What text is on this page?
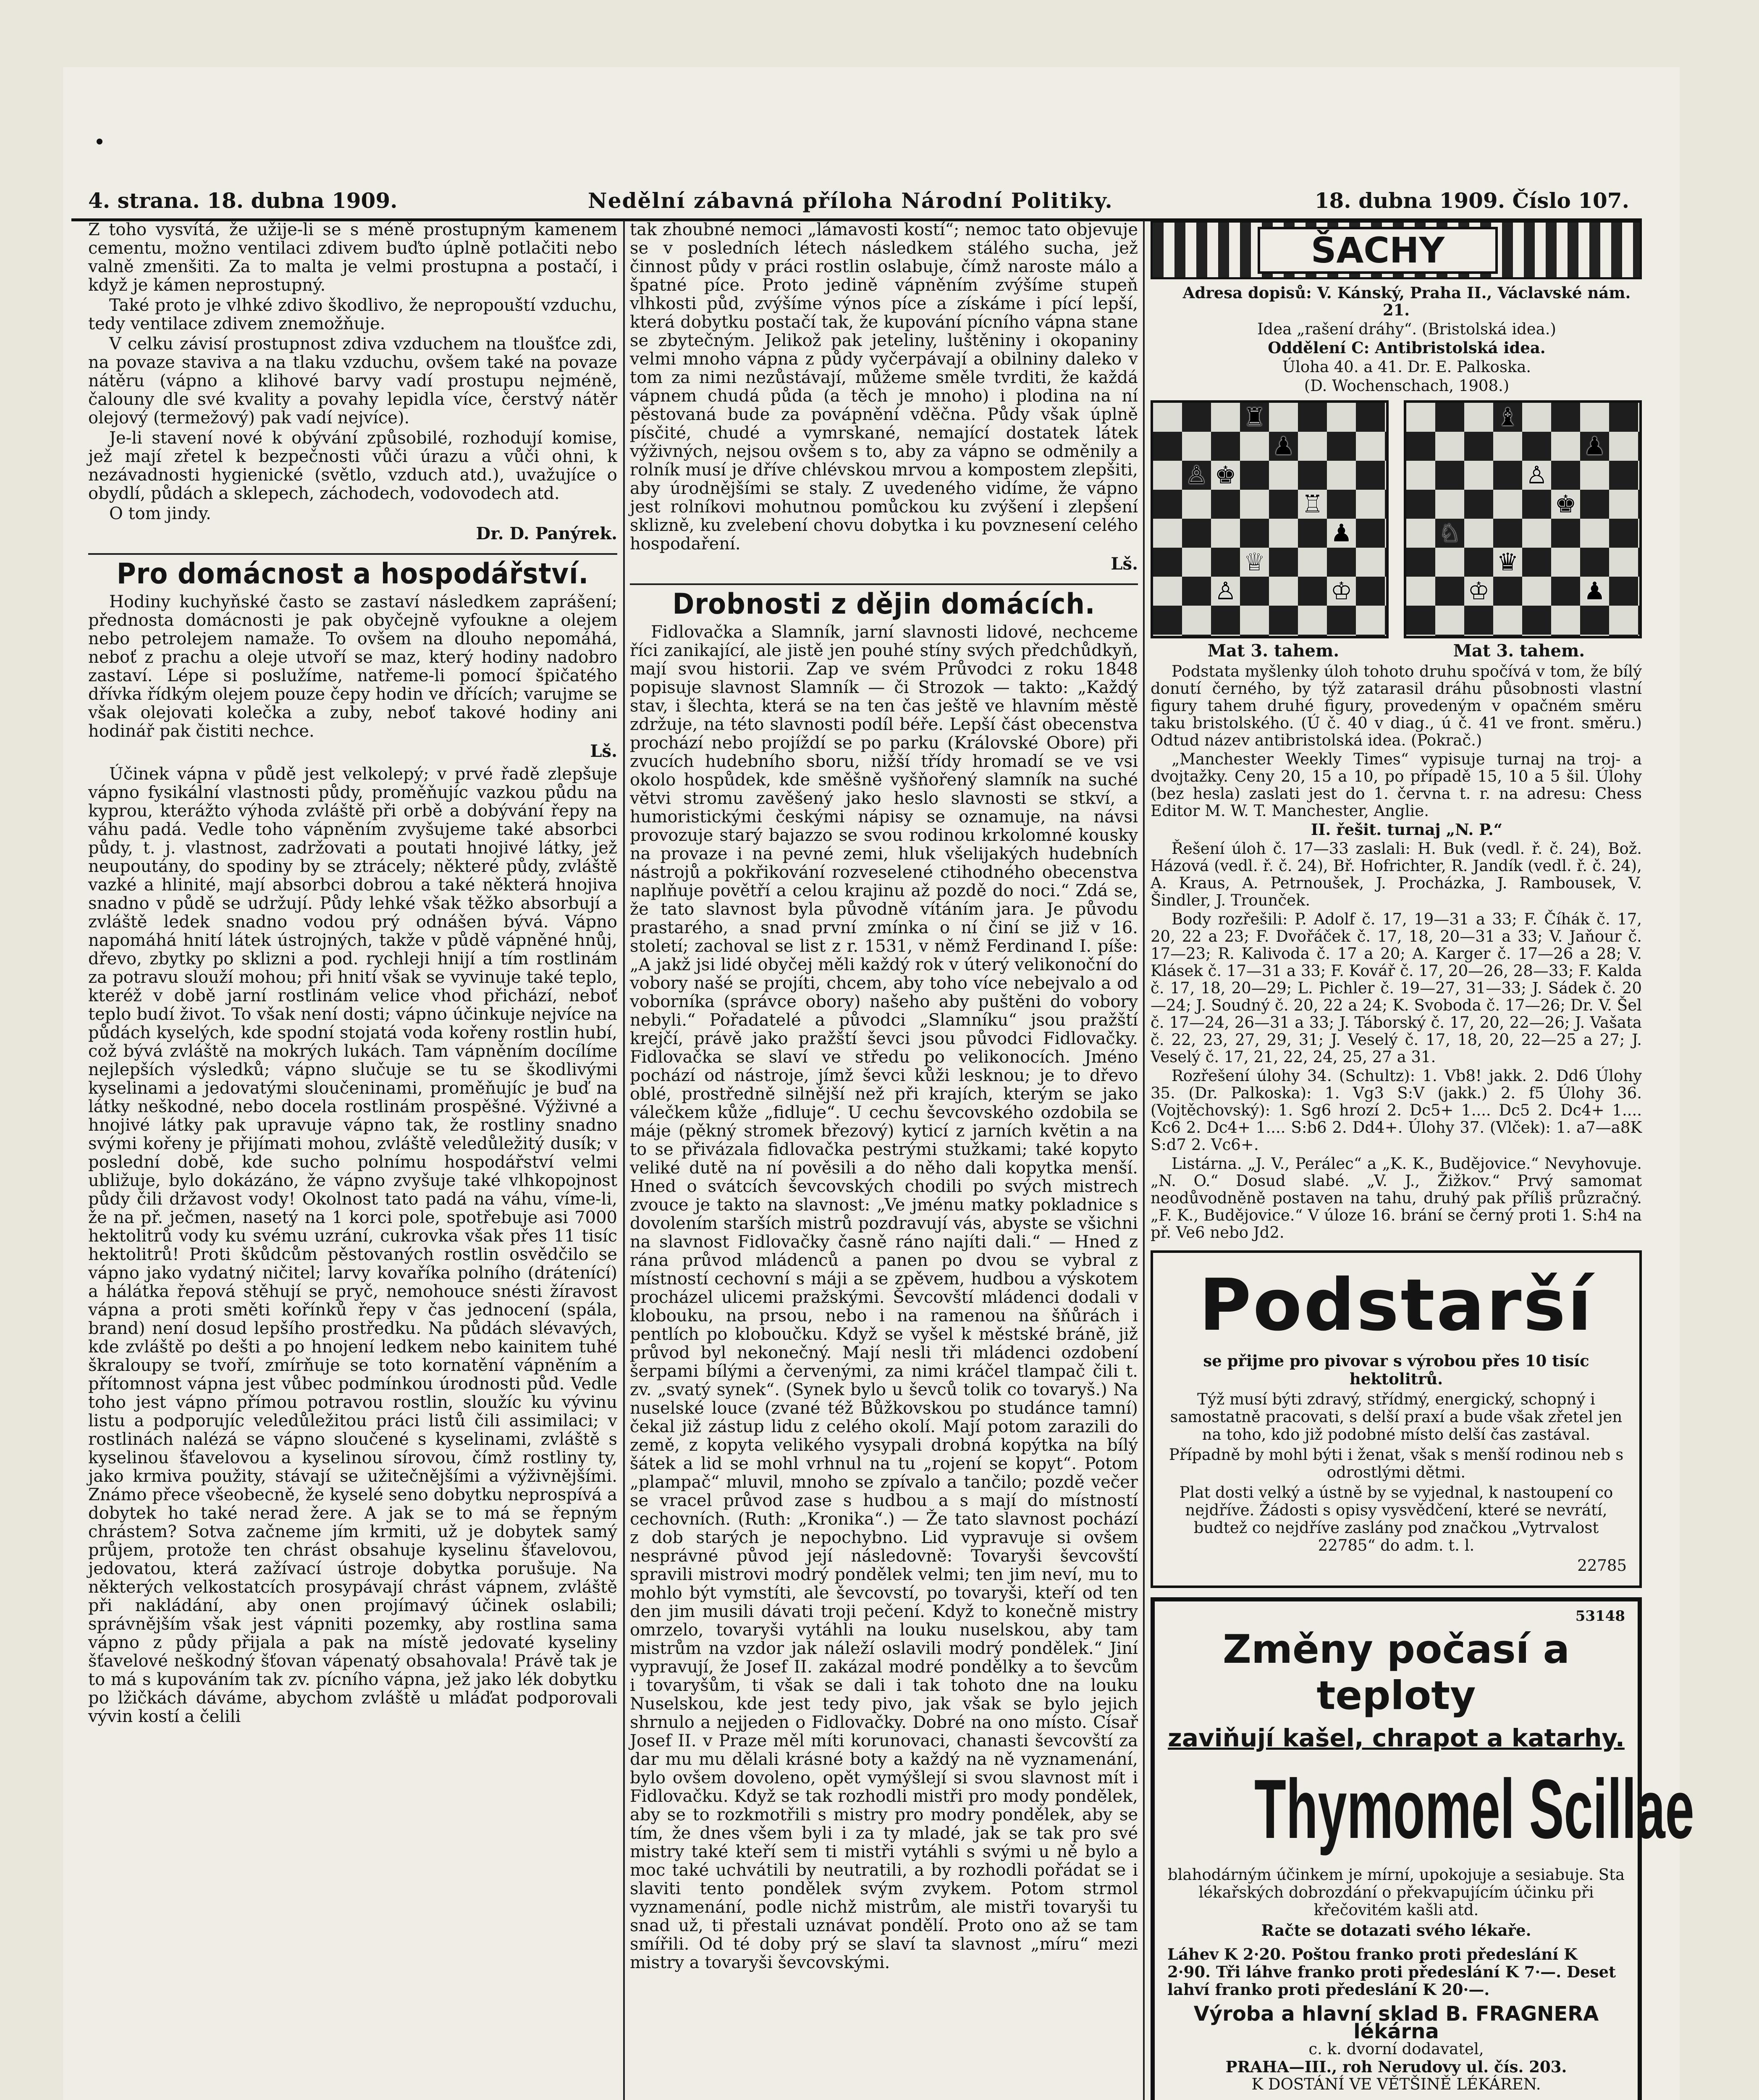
4. strana. 18. dubna 1909.	Nedělní zábavná příloha Národní Politiky.	18. dubna 1909. Číslo 107.

Z toho vysvítá, že užije-li se s méně prostupným kamenem cementu, možno ventilaci zdivem buďto úplně potlačiti nebo valně zmenšiti. Za to malta je velmi prostupna a postačí, i když je kámen neprostupný.

Také proto je vlhké zdivo škodlivo, že nepropouští vzduchu, tedy ventilace zdivem znemožňuje.

V celku závisí prostupnost zdiva vzduchem na tloušťce zdi, na povaze staviva a na tlaku vzduchu, ovšem také na povaze nátěru (vápno a klihové barvy vadí prostupu nejméně, čalouny dle své kvality a povahy lepidla více, čerstvý nátěr olejový (termežový) pak vadí nejvíce).

Je-li stavení nové k obývání způsobilé, rozhodují komise, jež mají zřetel k bezpečnosti vůči úrazu a vůči ohni, k nezávadnosti hygienické (světlo, vzduch atd.), uvažujíce o obydlí, půdách a sklepech, záchodech, vodovodech atd.

O tom jindy.

Dr. D. Panýrek.
Pro domácnost a hospodářství.

Hodiny kuchyňské často se zastaví následkem zaprášení; přednosta domácnosti je pak obyčejně vyfoukne a olejem nebo petrolejem namaže. To ovšem na dlouho nepomáhá, neboť z prachu a oleje utvoří se maz, který hodiny nadobro zastaví. Lépe si poslužíme, natřeme-li pomocí špičatého dřívka řídkým olejem pouze čepy hodin ve dřících; varujme se však olejovati kolečka a zuby, neboť takové hodiny ani hodinář pak čistiti nechce.

Lš.

Účinek vápna v půdě jest velkolepý; v prvé řadě zlepšuje vápno fysikální vlastnosti půdy, proměňujíc vazkou půdu na kyprou, kterážto výhoda zvláště při orbě a dobývání řepy na váhu padá. Vedle toho vápněním zvyšujeme také absorbci půdy, t. j. vlastnost, zadržovati a poutati hnojivé látky, jež neupoutány, do spodiny by se ztrácely; některé půdy, zvláště vazké a hlinité, mají absorbci dobrou a také některá hnojiva snadno v půdě se udržují. Půdy lehké však těžko absorbují a zvláště ledek snadno vodou prý odnášen bývá. Vápno napomáhá hnití látek ústrojných, takže v půdě vápněné hnůj, dřevo, zbytky po sklizni a pod. rychleji hnijí a tím rostlinám za potravu slouží mohou; při hnití však se vyvinuje také teplo, kteréž v době jarní rostlinám velice vhod přichází, neboť teplo budí život. To však není dosti; vápno účinkuje nejvíce na půdách kyselých, kde spodní stojatá voda kořeny rostlin hubí, což bývá zvláště na mokrých lukách. Tam vápněním docílíme nejlepších výsledků; vápno slučuje se tu se škodlivými kyselinami a jedovatými sloučeninami, proměňujíc je buď na látky neškodné, nebo docela rostlinám prospěšné. Výživné a hnojivé látky pak upravuje vápno tak, že rostliny snadno svými kořeny je přijímati mohou, zvláště veledůležitý dusík; v poslední době, kde sucho polnímu hospodářství velmi ubližuje, bylo dokázáno, že vápno zvyšuje také vlhkopojnost půdy čili državost vody! Okolnost tato padá na váhu, víme-li, že na př. ječmen, nasetý na 1 korci pole, spotřebuje asi 7000 hektolitrů vody ku svému uzrání, cukrovka však přes 11 tisíc hektolitrů! Proti škůdcům pěstovaných rostlin osvědčilo se vápno jako vydatný ničitel; larvy kovaříka polního (drátenící) a hálátka řepová stěhují se pryč, nemohouce snésti žíravost vápna a proti směti kořínků řepy v čas jednocení (spála, brand) není dosud lepšího prostředku. Na půdách slévavých, kde zvláště po dešti a po hnojení ledkem nebo kainitem tuhé škraloupy se tvoří, zmírňuje se toto kornatění vápněním a přítomnost vápna jest vůbec podmínkou úrodnosti půd. Vedle toho jest vápno přímou potravou rostlin, sloužíc ku vývinu listu a podporujíc veledůležitou práci listů čili assimilaci; v rostlinách nalézá se vápno sloučené s kyselinami, zvláště s kyselinou šťavelovou a kyselinou sírovou, čímž rostliny ty, jako krmiva použity, stávají se užitečnějšími a výživnějšími. Známo přece všeobecně, že kyselé seno dobytku neprospívá a dobytek ho také nerad žere. A jak se to má se řepným chrástem? Sotva začneme jím krmiti, už je dobytek samý průjem, protože ten chrást obsahuje kyselinu šťavelovou, jedovatou, která zažívací ústroje dobytka porušuje. Na některých velkostatcích prosypávají chrást vápnem, zvláště při nakládání, aby onen projímavý účinek oslabili; správnějším však jest vápniti pozemky, aby rostlina sama vápno z půdy přijala a pak na místě jedovaté kyseliny šťavelové neškodný šťovan vápenatý obsahovala! Právě tak je to má s kupováním tak zv. pícního vápna, jež jako lék dobytku po lžičkách dáváme, abychom zvláště u mláďat podporovali vývin kostí a čelili

tak zhoubné nemoci „lámavosti kostí“; nemoc tato objevuje se v posledních létech následkem stálého sucha, jež činnost půdy v práci rostlin oslabuje, čímž naroste málo a špatné píce. Proto jedině vápněním zvýšíme stupeň vlhkosti půd, zvýšíme výnos píce a získáme i pící lepší, která dobytku postačí tak, že kupování pícního vápna stane se zbytečným. Jelikož pak jeteliny, luštěniny i okopaniny velmi mnoho vápna z půdy vyčerpávají a obilniny daleko v tom za nimi nezůstávají, můžeme směle tvrditi, že každá vápnem chudá půda (a těch je mnoho) i plodina na ní pěstovaná bude za povápnění vděčna. Půdy však úplně písčité, chudé a vymrskané, nemající dostatek látek výživných, nejsou ovšem s to, aby za vápno se odměnily a rolník musí je dříve chlévskou mrvou a kompostem zlepšiti, aby úrodnějšími se staly. Z uvedeného vidíme, že vápno jest rolníkovi mohutnou pomůckou ku zvýšení i zlepšení sklizně, ku zvelebení chovu dobytka i ku povznesení celého hospodaření.

Lš.
Drobnosti z dějin domácích.

Fidlovačka a Slamník, jarní slavnosti lidové, nechceme říci zanikající, ale jistě jen pouhé stíny svých předchůdkyň, mají svou historii. Zap ve svém Průvodci z roku 1848 popisuje slavnost Slamník — či Strozok — takto: „Každý stav, i šlechta, která se na ten čas ještě ve hlavním městě zdržuje, na této slavnosti podíl béře. Lepší část obecenstva prochází nebo projíždí se po parku (Královské Obore) při zvucích hudebního sboru, nižší třídy hromadí se ve vsi okolo hospůdek, kde směšně vyšňořený slamník na suché větvi stromu zavěšený jako heslo slavnosti se stkví, a humoristickými českými nápisy se oznamuje, na návsi provozuje starý bajazzo se svou rodinou krkolomné kousky na provaze i na pevné zemi, hluk všelijakých hudebních nástrojů a pokřikování rozveselené ctihodného obecenstva naplňuje povětří a celou krajinu až pozdě do noci.“ Zdá se, že tato slavnost byla původně vítáním jara. Je původu prastarého, a snad první zmínka o ní činí se již v 16. století; zachoval se list z r. 1531, v němž Ferdinand I. píše: „A jakž jsi lidé obyčej měli každý rok v úterý velikonoční do vobory našé se projíti, chcem, aby toho více nebejvalo a od voborníka (správce obory) našeho aby puštěni do vobory nebyli.“ Pořadatelé a původci „Slamníku“ jsou pražští krejčí, právě jako pražští ševci jsou původci Fidlovačky. Fidlovačka se slaví ve středu po velikonocích. Jméno pochází od nástroje, jímž ševci kůži lesknou; je to dřevo oblé, prostředně silnější než při krajích, kterým se jako válečkem kůže „fidluje“. U cechu ševcovského ozdobila se máje (pěkný stromek březový) kyticí z jarních květin a na to se přivázala fidlovačka pestrými stužkami; také kopyto veliké dutě na ní pověsili a do něho dali kopytka menší. Hned o svátcích ševcovských chodili po svých mistrech zvouce je takto na slavnost: „Ve jménu matky pokladnice s dovolením starších mistrů pozdravují vás, abyste se všichni na slavnost Fidlovačky časně ráno najíti dali.“ — Hned z rána průvod mládenců a panen po dvou se vybral z místností cechovní s máji a se zpěvem, hudbou a výskotem procházel ulicemi pražskými. Ševcovští mládenci dodali v klobouku, na prsou, nebo i na ramenou na šňůrách i pentlích po kloboučku. Když se vyšel k městské bráně, již průvod byl nekonečný. Mají nesli tři mládenci ozdobení šerpami bílými a červenými, za nimi kráčel tlampač čili t. zv. „svatý synek“. (Synek bylo u ševců tolik co tovaryš.) Na nuselské louce (zvané též Bůžkovskou po studánce tamní) čekal již zástup lidu z celého okolí. Mají potom zarazili do země, z kopyta velikého vysypali drobná kopýtka na bílý šátek a lid se mohl vrhnul na tu „rojení se kopyt“. Potom „plampač“ mluvil, mnoho se zpívalo a tančilo; pozdě večer se vracel průvod zase s hudbou a s mají do místností cechovních. (Ruth: „Kronika“.) — Že tato slavnost pochází z dob starých je nepochybno. Lid vypravuje si ovšem nesprávné původ její následovně: Tovaryši ševcovští spravili mistrovi modrý pondělek velmi; ten jim neví, mu to mohlo být vymstíti, ale ševcovstí, po tovaryši, kteří od ten den jim musili dávati troji pečení. Když to konečně mistry omrzelo, tovaryši vytáhli na louku nuselskou, aby tam mistrům na vzdor jak náleží oslavili modrý pondělek.“ Jiní vypravují, že Josef II. zakázal modré pondělky a to ševcům i tovaryšům, ti však se dali i tak tohoto dne na louku Nuselskou, kde jest tedy pivo, jak však se bylo jejich shrnulo a nejjeden o Fidlovačky. Dobré na ono místo. Císař Josef II. v Praze měl míti korunovaci, chanasti ševcovští za dar mu mu dělali krásné boty a každý na ně vyznamenání, bylo ovšem dovoleno, opět vymýšlejí si svou slavnost mít i Fidlovačku. Když se tak rozhodli mistři pro mody pondělek, aby se to rozkmotřili s mistry pro modry pondělek, aby se tím, že dnes všem byli i za ty mladé, jak se tak pro své mistry také kteří sem ti mistři vytáhli s svými u ně bylo a moc také uchvátili by neutratili, a by rozhodli pořádat se i slaviti tento pondělek svým zvykem. Potom strmol vyznamenání, podle nichž mistrům, ale mistři tovaryši tu snad už, ti přestali uznávat pondělí. Proto ono až se tam smířili. Od té doby prý se slaví ta slavnost „míru“ mezi mistry a tovaryši ševcovskými.

ŠACHY

Adresa dopisů: V. Kánský, Praha II., Václavské nám. 21.

Idea „rašení dráhy“. (Bristolská idea.)

Oddělení C: Antibristolská idea.

Úloha 40. a 41. Dr. E. Palkoska.

(D. Wochenschach, 1908.)

♜
♟
♚
♙
♖
♟
♕
♔
♙
♝
♟
♙
♚
♘
♛
♔	♟
Mat 3. tahem.	Mat 3. tahem.

Podstata myšlenky úloh tohoto druhu spočívá v tom, že bílý donutí černého, by týž zatarasil dráhu působnosti vlastní figury tahem druhé figury, provedeným v opačném směru taku bristolského. (Ú č. 40 v diag., ú č. 41 ve front. směru.) Odtud název antibristolská idea. (Pokrač.)

„Manchester Weekly Times“ vypisuje turnaj na troj- a dvojtažky. Ceny 20, 15 a 10, po případě 15, 10 a 5 šil. Úlohy (bez hesla) zaslati jest do 1. června t. r. na adresu: Chess Editor M. W. T. Manchester, Anglie.

II. řešit. turnaj „N. P.“

Řešení úloh č. 17—33 zaslali: H. Buk (vedl. ř. č. 24), Bož. Házová (vedl. ř. č. 24), Bř. Hofrichter, R. Jandík (vedl. ř. č. 24), A. Kraus, A. Petrnoušek, J. Procházka, J. Rambousek, V. Šindler, J. Trounček.

Body rozřešili: P. Adolf č. 17, 19—31 a 33; F. Číhák č. 17, 20, 22 a 23; F. Dvořáček č. 17, 18, 20—31 a 33; V. Jaňour č. 17—23; R. Kalivoda č. 17 a 20; A. Karger č. 17—26 a 28; V. Klásek č. 17—31 a 33; F. Kovář č. 17, 20—26, 28—33; F. Kalda č. 17, 18, 20—29; L. Pichler č. 19—27, 31—33; J. Sádek č. 20—24; J. Soudný č. 20, 22 a 24; K. Svoboda č. 17—26; Dr. V. Šel č. 17—24, 26—31 a 33; J. Táborský č. 17, 20, 22—26; J. Vašata č. 22, 23, 27, 29, 31; J. Veselý č. 17, 18, 20, 22—25 a 27; J. Veselý č. 17, 21, 22, 24, 25, 27 a 31.

Rozřešení úlohy 34. (Schultz): 1. Vb8! jakk. 2. Dd6 Úlohy 35. (Dr. Palkoska): 1. Vg3 S:V (jakk.) 2. f5 Úlohy 36. (Vojtěchovský): 1. Sg6 hrozí 2. Dc5+ 1.... Dc5 2. Dc4+ 1.... Kc6 2. Dc4+ 1.... S:b6 2. Dd4+. Úlohy 37. (Vlček): 1. a7—a8K S:d7 2. Vc6+.

Listárna. „J. V., Perálec“ a „K. K., Budějovice.“ Nevyhovuje. „N. O.“ Dosud slabé. „V. J., Žižkov.“ Prvý samomat neodůvodněně postaven na tahu, druhý pak příliš průzračný. „F. K., Budějovice.“ V úloze 16. brání se černý proti 1. S:h4 na př. Ve6 nebo Jd2.

Podstarší

se přijme pro pivovar s výrobou přes 10 tisíc hektolitrů.

Týž musí býti zdravý, střídmý, energický, schopný i samostatně pracovati, s delší praxí a bude však zřetel jen na toho, kdo již podobné místo delší čas zastával.

Případně by mohl býti i ženat, však s menší rodinou neb s odrostlými dětmi.

Plat dosti velký a ústně by se vyjednal, k nastoupení co nejdříve. Žádosti s opisy vysvědčení, které se nevrátí, budtež co nejdříve zaslány pod značkou „Vytrvalost 22785“ do adm. t. l.

22785

53148
Změny počasí a teploty
zaviňují kašel, chrapot a katarhy.
Thymomel Scillae

blahodárným účinkem je mírní, upokojuje a sesiabuje. Sta lékařských dobrozdání o překvapujícím účinku při křečovitém kašli atd.

Račte se dotazati svého lékaře.

Láhev K 2·20. Poštou franko proti předeslání K 2·90. Tři láhve franko proti předeslání K 7·—. Deset lahví franko proti předeslání K 20·—.
Výroba a hlavní sklad B. FRAGNERA lékárna
c. k. dvorní dodavatel,
PRAHA—III., roh Nerudovy ul. čís. 203.
K DOSTÁNÍ VE VĚTŠINĚ LÉKÁREN.
